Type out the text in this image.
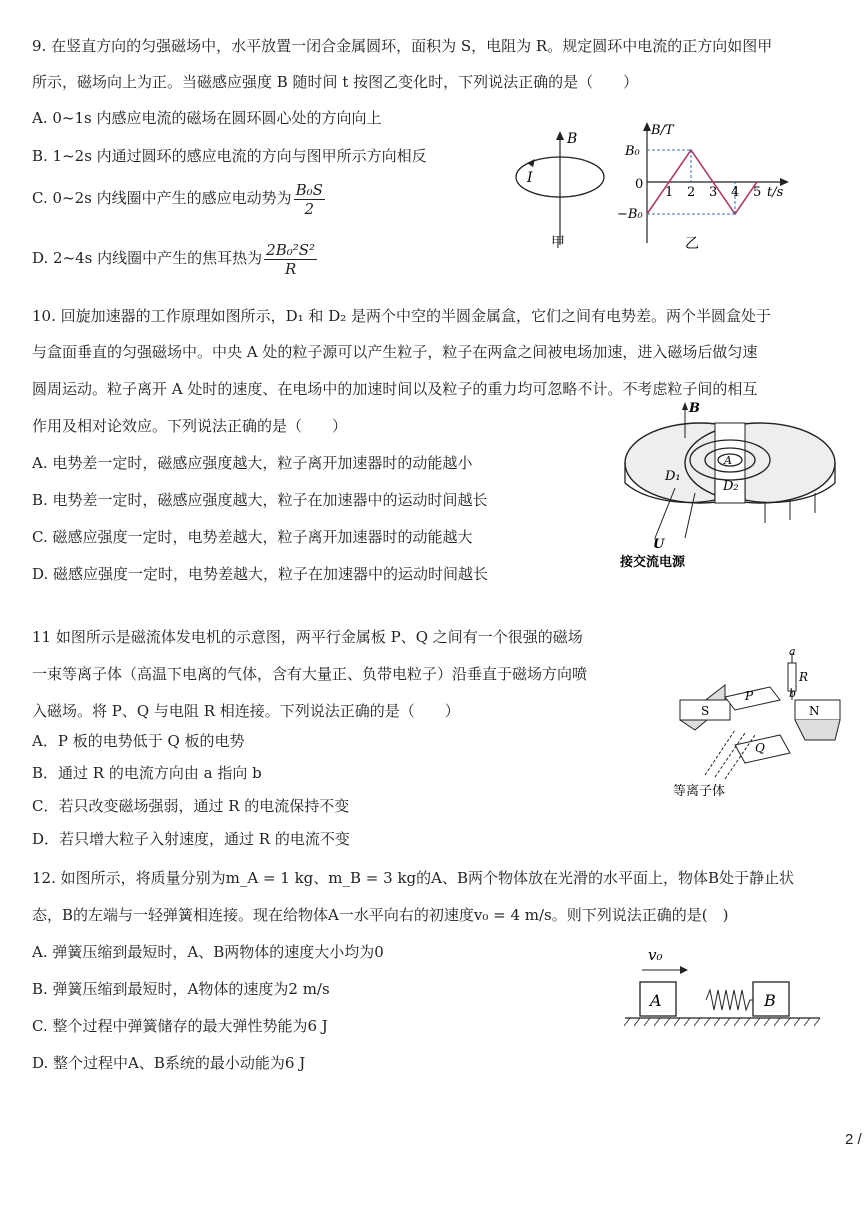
9. 在竖直方向的匀强磁场中，水平放置一闭合金属圆环，面积为 S，电阻为 R。规定圆环中电流的正方向如图甲
所示，磁场向上为正。当磁感应强度 B 随时间 t 按图乙变化时，下列说法正确的是（　　）
A. 0~1s 内感应电流的磁场在圆环圆心处的方向向上
B. 1~2s 内通过圆环的感应电流的方向与图甲所示方向相反
C. 0~2s 内线圈中产生的感应电动势为 $\frac{\text{B₀S}}{2}$
D. 2~4s 内线圈中产生的焦耳热为 $\frac{\text{2B₀²S²}}{R}$
B
I
甲
B/T
t/s
0
B₀
−B₀
1 2 3 4 5
乙
10. 回旋加速器的工作原理如图所示，D₁ 和 D₂ 是两个中空的半圆金属盒，它们之间有电势差。两个半圆盒处于
与盒面垂直的匀强磁场中。中央 A 处的粒子源可以产生粒子，粒子在两盒之间被电场加速，进入磁场后做匀速
圆周运动。粒子离开 A 处时的速度、在电场中的加速时间以及粒子的重力均可忽略不计。不考虑粒子间的相互
作用及相对论效应。下列说法正确的是（　　）
A. 电势差一定时，磁感应强度越大，粒子离开加速器时的动能越小
B. 电势差一定时，磁感应强度越大，粒子在加速器中的运动时间越长
C. 磁感应强度一定时，电势差越大，粒子离开加速器时的动能越大
D. 磁感应强度一定时，电势差越大，粒子在加速器中的运动时间越长
B
A
D₁
D₂
U
接交流电源
11 如图所示是磁流体发电机的示意图，两平行金属板 P、Q 之间有一个很强的磁场
一束等离子体（高温下电离的气体，含有大量正、负带电粒子）沿垂直于磁场方向喷
入磁场。将 P、Q 与电阻 R 相连接。下列说法正确的是（　　）
A．P 板的电势低于 Q 板的电势
B．通过 R 的电流方向由 a 指向 b
C．若只改变磁场强弱，通过 R 的电流保持不变
D．若只增大粒子入射速度，通过 R 的电流不变
S	N
P
Q
R
a
b
等离子体
12. 如图所示，将质量分别为m_A = 1 kg、m_B = 3 kg的A、B两个物体放在光滑的水平面上，物体B处于静止状
态，B的左端与一轻弹簧相连接。现在给物体A一水平向右的初速度v₀ = 4 m/s。则下列说法正确的是(　)
A. 弹簧压缩到最短时，A、B两物体的速度大小均为0
B. 弹簧压缩到最短时，A物体的速度为2 m/s
C. 整个过程中弹簧储存的最大弹性势能为6 J
D. 整个过程中A、B系统的最小动能为6 J
v₀
A	B
2 /
